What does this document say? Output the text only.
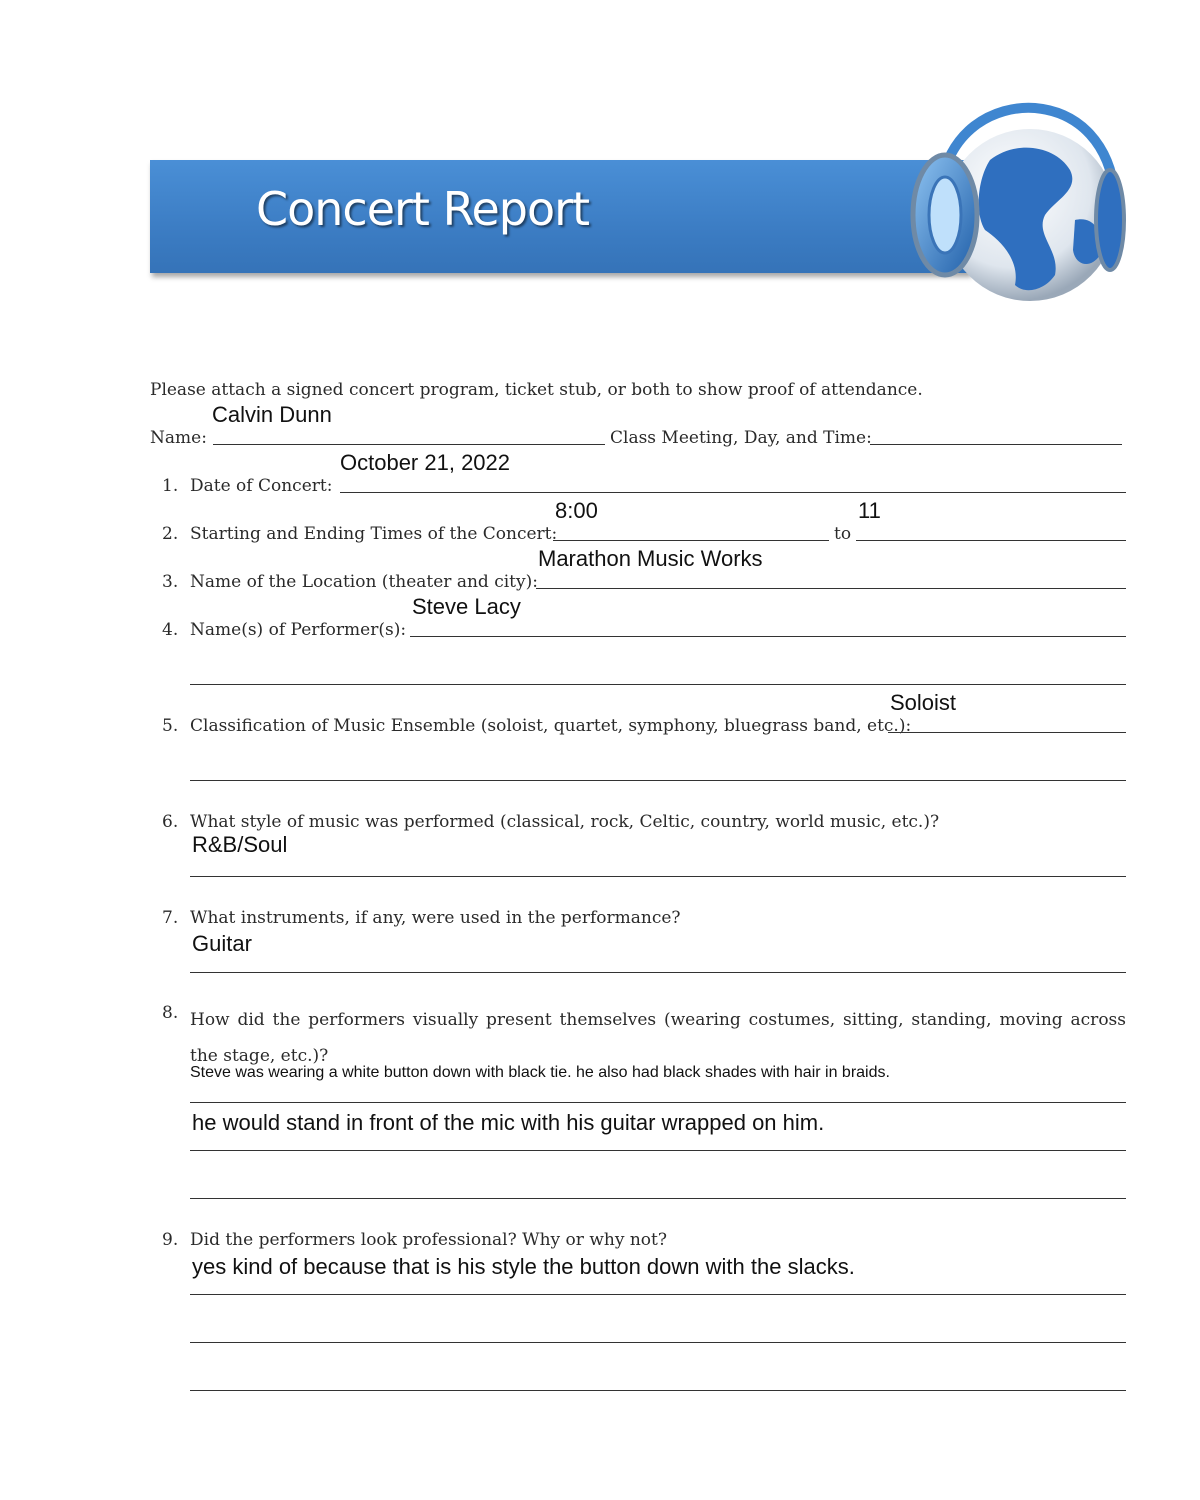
Concert Report
Please attach a signed concert program, ticket stub, or both to show proof of attendance.
Calvin Dunn
Name:	Class Meeting, Day, and Time:
1. Date of Concert:
October 21, 2022
2. Starting and Ending Times of the Concert:
8:00
to
11
3. Name of the Location (theater and city):
Marathon Music Works
4. Name(s) of Performer(s):
Steve Lacy
5. Classification of Music Ensemble (soloist, quartet, symphony, bluegrass band, etc.):
Soloist
6. What style of music was performed (classical, rock, Celtic, country, world music, etc.)?
R&B/Soul
7. What instruments, if any, were used in the performance?
Guitar
8. How did the performers visually present themselves (wearing costumes, sitting, standing, moving across the stage, etc.)?
Steve was wearing a white button down with black tie. he also had black shades with hair in braids.
he would stand in front of the mic with his guitar wrapped on him.
9. Did the performers look professional? Why or why not?
yes kind of because that is his style the button down with the slacks.
